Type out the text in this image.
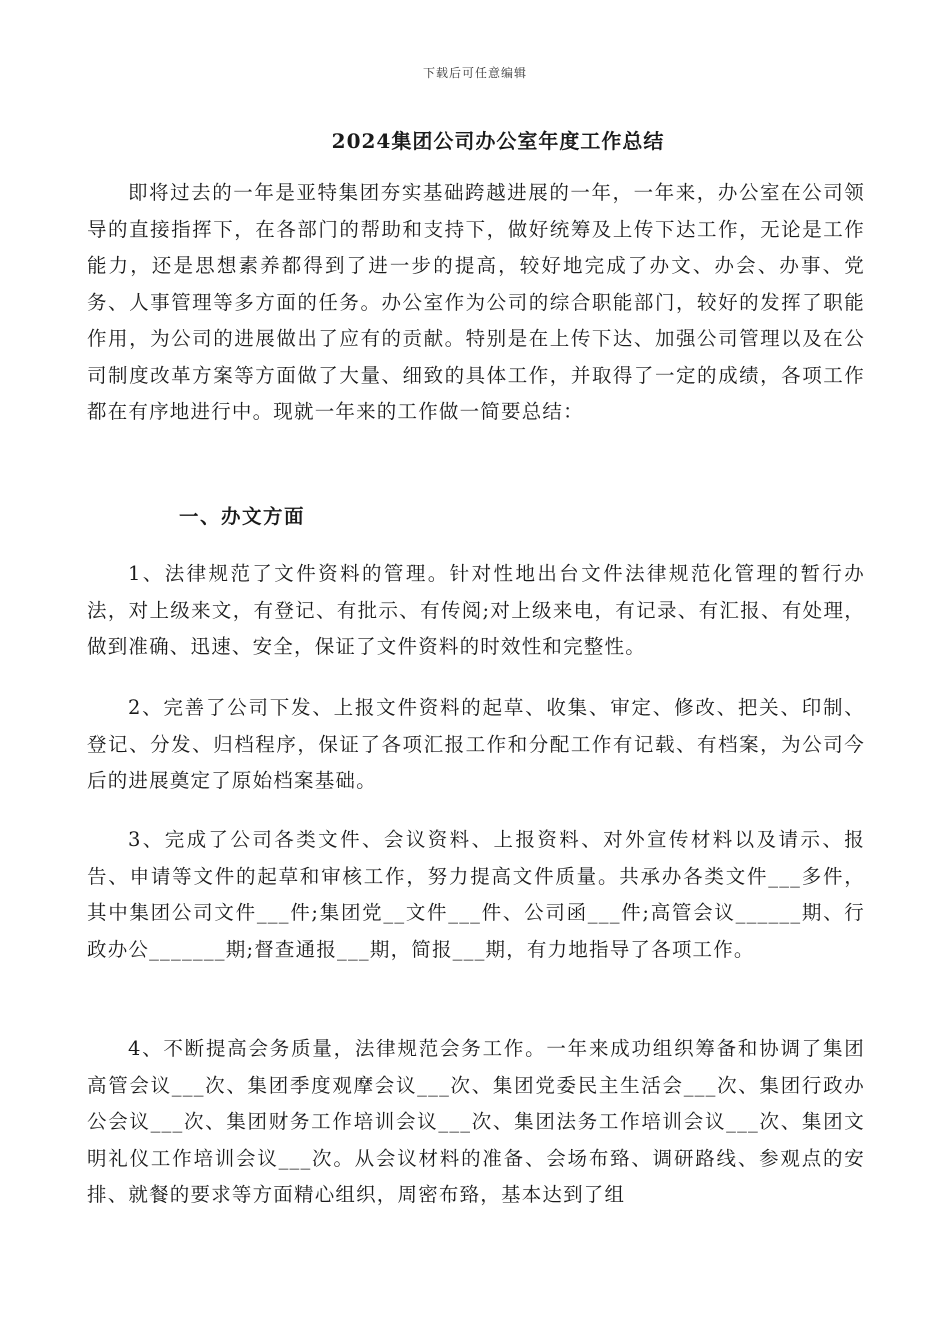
下载后可任意编辑
2024集团公司办公室年度工作总结

即将过去的一年是亚特集团夯实基础跨越进展的一年，一年来，办公室在公司领导的直接指挥下，在各部门的帮助和支持下，做好统筹及上传下达工作，无论是工作能力，还是思想素养都得到了进一步的提高，较好地完成了办文、办会、办事、党务、人事管理等多方面的任务。办公室作为公司的综合职能部门，较好的发挥了职能作用，为公司的进展做出了应有的贡献。特别是在上传下达、加强公司管理以及在公司制度改革方案等方面做了大量、细致的具体工作，并取得了一定的成绩，各项工作都在有序地进行中。现就一年来的工作做一简要总结：

一、办文方面

1、法律规范了文件资料的管理。针对性地出台文件法律规范化管理的暂行办法，对上级来文，有登记、有批示、有传阅;对上级来电，有记录、有汇报、有处理，做到准确、迅速、安全，保证了文件资料的时效性和完整性。

2、完善了公司下发、上报文件资料的起草、收集、审定、修改、把关、印制、登记、分发、归档程序，保证了各项汇报工作和分配工作有记载、有档案，为公司今后的进展奠定了原始档案基础。

3、完成了公司各类文件、会议资料、上报资料、对外宣传材料以及请示、报告、申请等文件的起草和审核工作，努力提高文件质量。共承办各类文件___多件，其中集团公司文件___件;集团党__文件___件、公司函___件;高管会议______期、行政办公_______期;督查通报___期，简报___期，有力地指导了各项工作。

4、不断提高会务质量，法律规范会务工作。一年来成功组织筹备和协调了集团高管会议___次、集团季度观摩会议___次、集团党委民主生活会___次、集团行政办公会议___次、集团财务工作培训会议___次、集团法务工作培训会议___次、集团文明礼仪工作培训会议___次。从会议材料的准备、会场布臵、调研路线、参观点的安排、就餐的要求等方面精心组织，周密布臵，基本达到了组
